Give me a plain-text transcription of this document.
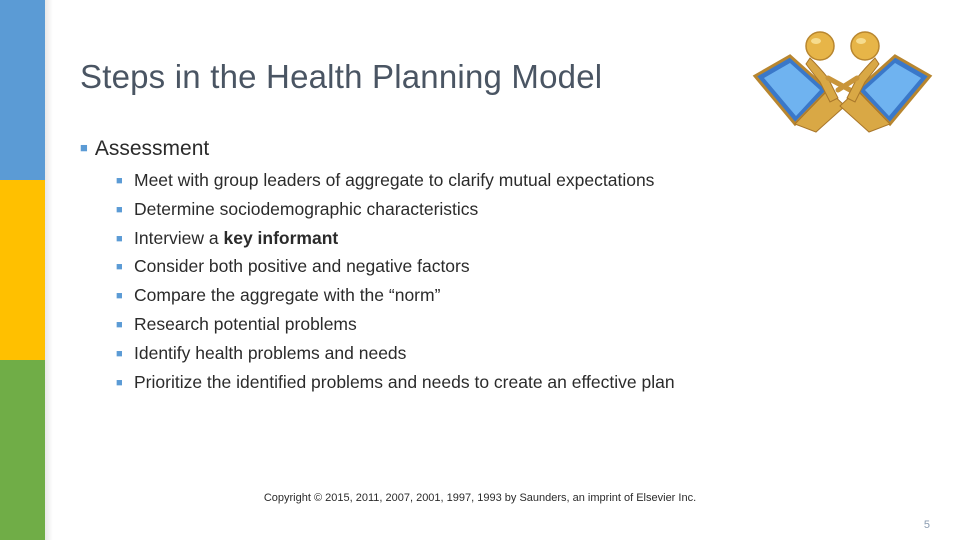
Steps in the Health Planning Model
■ Assessment
■ Meet with group leaders of aggregate to clarify mutual expectations
■ Determine sociodemographic characteristics
■ Interview a key informant
■ Consider both positive and negative factors
■ Compare the aggregate with the “norm”
■ Research potential problems
■ Identify health problems and needs
■ Prioritize the identified problems and needs to create an effective plan
Copyright © 2015, 2011, 2007, 2001, 1997, 1993 by Saunders, an imprint of Elsevier Inc.
5
